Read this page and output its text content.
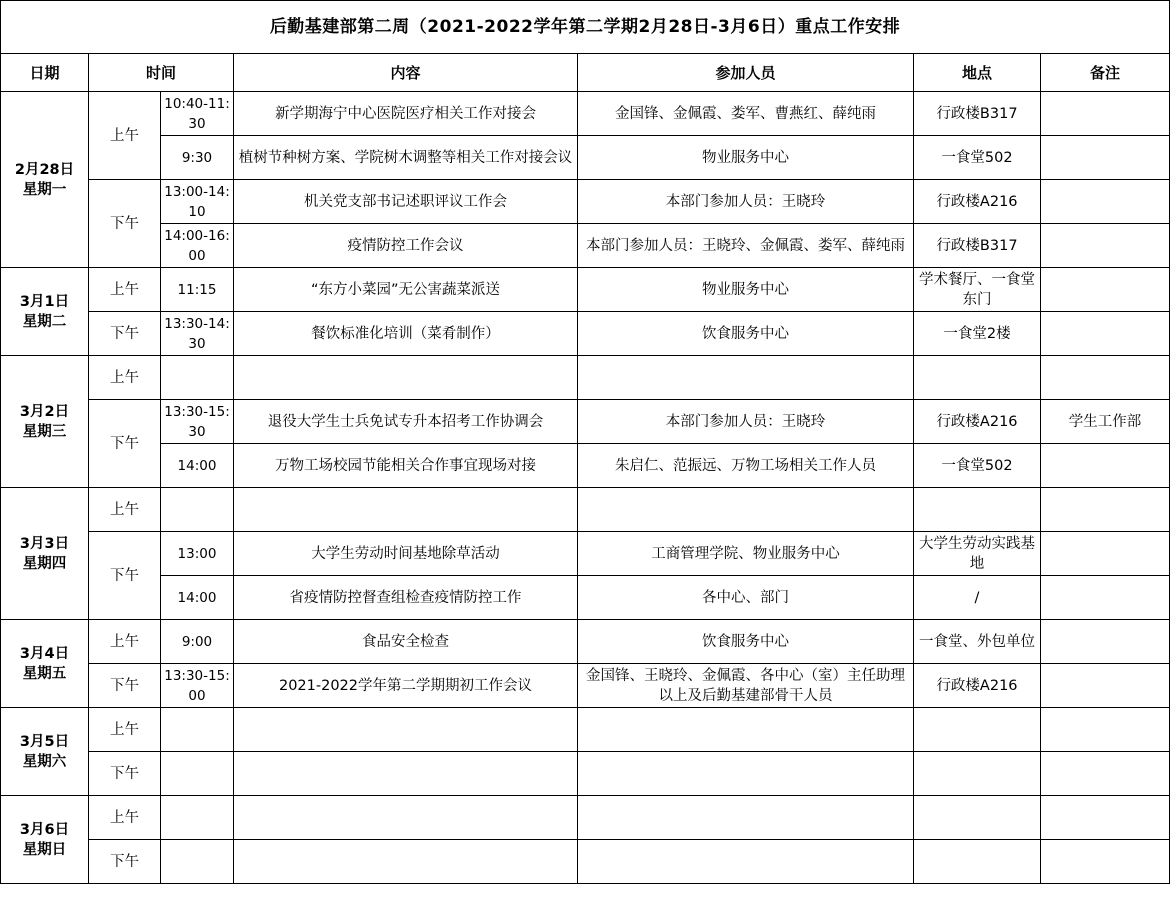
后勤基建部第二周（2021-2022学年第二学期2月28日-3月6日）重点工作安排						
日期	时间		内容	参加人员	地点	备注
2月28日
星期一	上午	10:40-11:30	新学期海宁中心医院医疗相关工作对接会	金国锋、金佩霞、娄军、曹燕红、薛纯雨	行政楼B317	
		9:30	植树节种树方案、学院树木调整等相关工作对接会议	物业服务中心	一食堂502	
	下午	13:00-14:10	机关党支部书记述职评议工作会	本部门参加人员：王晓玲	行政楼A216	
		14:00-16:00	疫情防控工作会议	本部门参加人员：王晓玲、金佩霞、娄军、薛纯雨	行政楼B317	
3月1日
星期二	上午	11:15	“东方小菜园”无公害蔬菜派送	物业服务中心	学术餐厅、一食堂东门	
	下午	13:30-14:30	餐饮标准化培训（菜肴制作）	饮食服务中心	一食堂2楼	
3月2日
星期三	上午					
	下午	13:30-15:30	退役大学生士兵免试专升本招考工作协调会	本部门参加人员：王晓玲	行政楼A216	学生工作部
		14:00	万物工场校园节能相关合作事宜现场对接	朱启仁、范振远、万物工场相关工作人员	一食堂502	
3月3日
星期四	上午					
	下午	13:00	大学生劳动时间基地除草活动	工商管理学院、物业服务中心	大学生劳动实践基地	
		14:00	省疫情防控督查组检查疫情防控工作	各中心、部门	/	
3月4日
星期五	上午	9:00	食品安全检查	饮食服务中心	一食堂、外包单位	
	下午	13:30-15:00	2021-2022学年第二学期期初工作会议	金国锋、王晓玲、金佩霞、各中心（室）主任助理以上及后勤基建部骨干人员	行政楼A216	
3月5日
星期六	上午					
	下午					
3月6日
星期日	上午					
	下午					
